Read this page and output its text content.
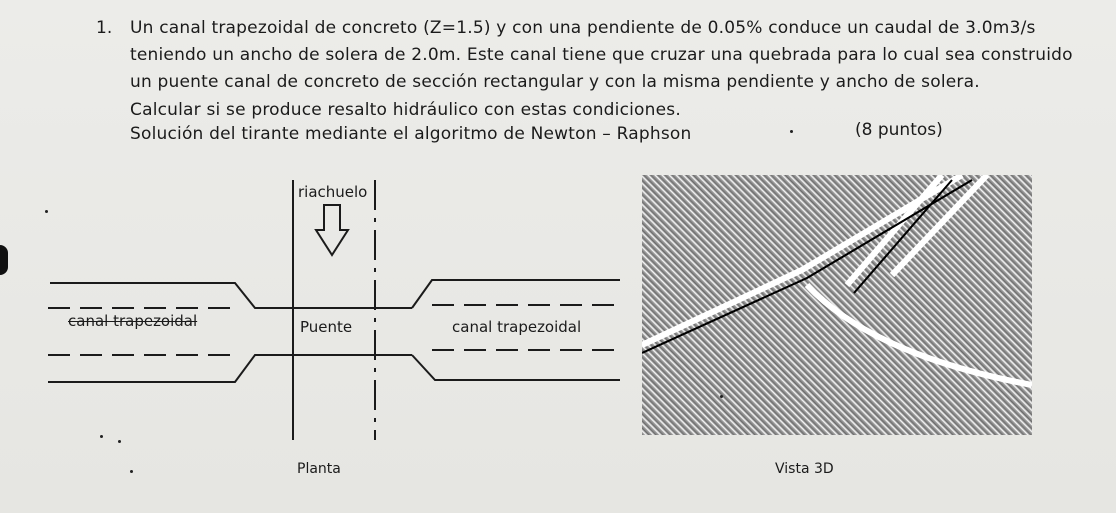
1. Un canal trapezoidal de concreto (Z=1.5) y con una pendiente de 0.05% conduce un caudal de 3.0m3/s
teniendo un ancho de solera de 2.0m. Este canal tiene que cruzar una quebrada para lo cual sea construido
un puente canal de concreto de sección rectangular y con la misma pendiente y ancho de solera.
Calcular si se produce resalto hidráulico con estas condiciones.
Solución del tirante mediante el algoritmo de Newton – Raphson	(8 puntos)
riachuelo
canal trapezoidal	Puente	canal trapezoidal
Planta	Vista 3D
